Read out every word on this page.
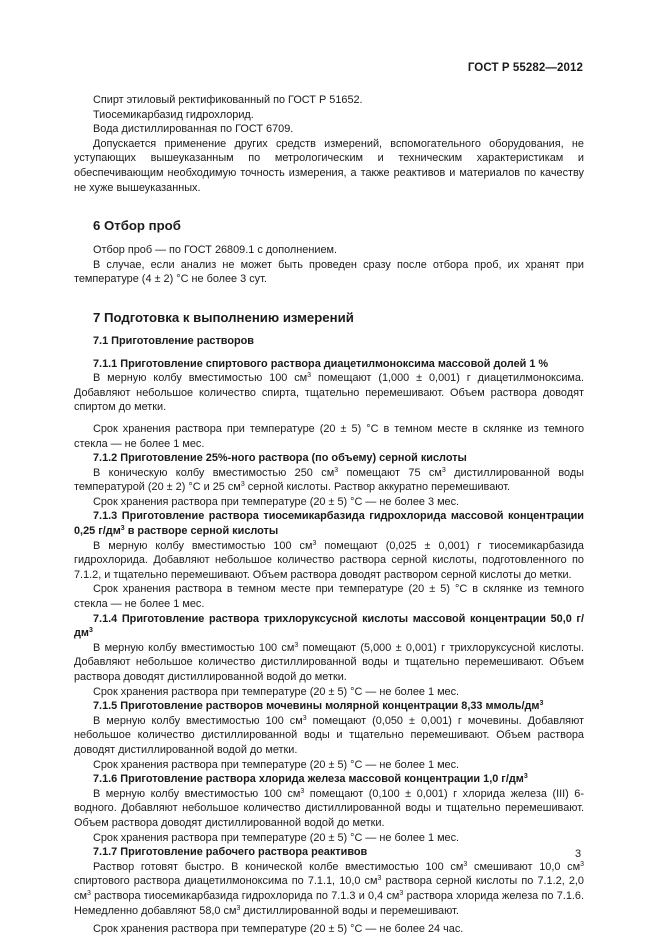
ГОСТ Р 55282—2012

Спирт этиловый ректификованный по ГОСТ Р 51652.

Тиосемикарбазид гидрохлорид.

Вода дистиллированная по ГОСТ 6709.

Допускается применение других средств измерений, вспомогательного оборудования, не уступающих вышеуказанным по метрологическим и техническим характеристикам и обеспечивающим необходимую точность измерения, а также реактивов и материалов по качеству не хуже вышеуказанных.

6 Отбор проб

Отбор проб — по ГОСТ 26809.1 с дополнением.

В случае, если анализ не может быть проведен сразу после отбора проб, их хранят при температуре (4 ± 2) °С не более 3 сут.

7 Подготовка к выполнению измерений

7.1 Приготовление растворов

7.1.1 Приготовление спиртового раствора диацетилмоноксима массовой долей 1 %

В мерную колбу вместимостью 100 $см^3$ помещают (1,000 ± 0,001) г диацетилмоноксима. Добавляют небольшое количество спирта, тщательно перемешивают. Объем раствора доводят спиртом до метки.

Срок хранения раствора при температуре (20 ± 5) °С в темном месте в склянке из темного стекла — не более 1 мес.

7.1.2 Приготовление 25%-ного раствора (по объему) серной кислоты

В коническую колбу вместимостью 250 $см^3$ помещают 75 $см^3$ дистиллированной воды температурой (20 ± 2) °С и 25 $см^3$ серной кислоты. Раствор аккуратно перемешивают.

Срок хранения раствора при температуре (20 ± 5) °С — не более 3 мес.

7.1.3 Приготовление раствора тиосемикарбазида гидрохлорида массовой концентрации 0,25 $г/дм^3$ в растворе серной кислоты

В мерную колбу вместимостью 100 $см^3$ помещают (0,025 ± 0,001) г тиосемикарбазида гидрохлорида. Добавляют небольшое количество раствора серной кислоты, подготовленного по 7.1.2, и тщательно перемешивают. Объем раствора доводят раствором серной кислоты до метки.

Срок хранения раствора в темном месте при температуре (20 ± 5) °С в склянке из темного стекла — не более 1 мес.

7.1.4 Приготовление раствора трихлоруксусной кислоты массовой концентрации 50,0 $г/дм^3$

В мерную колбу вместимостью 100 $см^3$ помещают (5,000 ± 0,001) г трихлоруксусной кислоты. Добавляют небольшое количество дистиллированной воды и тщательно перемешивают. Объем раствора доводят дистиллированной водой до метки.

Срок хранения раствора при температуре (20 ± 5) °С — не более 1 мес.

7.1.5 Приготовление растворов мочевины молярной концентрации 8,33 ммоль/$дм^3$

В мерную колбу вместимостью 100 $см^3$ помещают (0,050 ± 0,001) г мочевины. Добавляют небольшое количество дистиллированной воды и тщательно перемешивают. Объем раствора доводят дистиллированной водой до метки.

Срок хранения раствора при температуре (20 ± 5) °С — не более 1 мес.

7.1.6 Приготовление раствора хлорида железа массовой концентрации 1,0 $г/дм^3$

В мерную колбу вместимостью 100 $см^3$ помещают (0,100 ± 0,001) г хлорида железа (III) 6-водного. Добавляют небольшое количество дистиллированной воды и тщательно перемешивают. Объем раствора доводят дистиллированной водой до метки.

Срок хранения раствора при температуре (20 ± 5) °С — не более 1 мес.

7.1.7 Приготовление рабочего раствора реактивов

Раствор готовят быстро. В конической колбе вместимостью 100 $см^3$ смешивают 10,0 $см^3$ спиртового раствора диацетилмоноксима по 7.1.1, 10,0 $см^3$ раствора серной кислоты по 7.1.2, 2,0 $см^3$ раствора тиосемикарбазида гидрохлорида по 7.1.3 и 0,4 $см^3$ раствора хлорида железа по 7.1.6. Немедленно добавляют 58,0 $см^3$ дистиллированной воды и перемешивают.

Срок хранения раствора при температуре (20 ± 5) °С — не более 24 час.

3
